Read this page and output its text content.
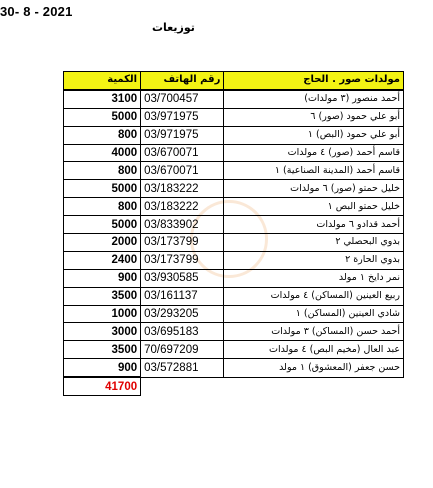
30- 8 - 2021
توزيعات
الكمية	رقم الهاتف	مولدات صور . الحاج
3100	03/700457	أحمد منصور (٣ مولدات)
5000	03/971975	أبو علي حمود (صور) ٦
800	03/971975	أبو علي حمود (البص) ١
4000	03/670071	قاسم أحمد (صور) ٤ مولدات
800	03/670071	قاسم أحمد (المدينة الصناعية) ١
5000	03/183222	خليل حمتو (صور) ٦ مولدات
800	03/183222	خليل حمتو البص ١
5000	03/833902	أحمد قدادو ٦ مولدات
2000	03/173799	بدوي البحصلي ٢
2400	03/173799	بدوي الحارة ٢
900	03/930585	نمر دايخ ١ مولد
3500	03/161137	ربيع العينين (المساكن) ٤ مولدات
1000	03/293205	شادي العينين (المساكن) ١
3000	03/695183	أحمد حسن (المساكن) ٣ مولدات
3500	70/697209	عبد العال (مخيم البص) ٤ مولدات
900	03/572881	حسن جعفر (المعشوق) ١ مولد
41700		
